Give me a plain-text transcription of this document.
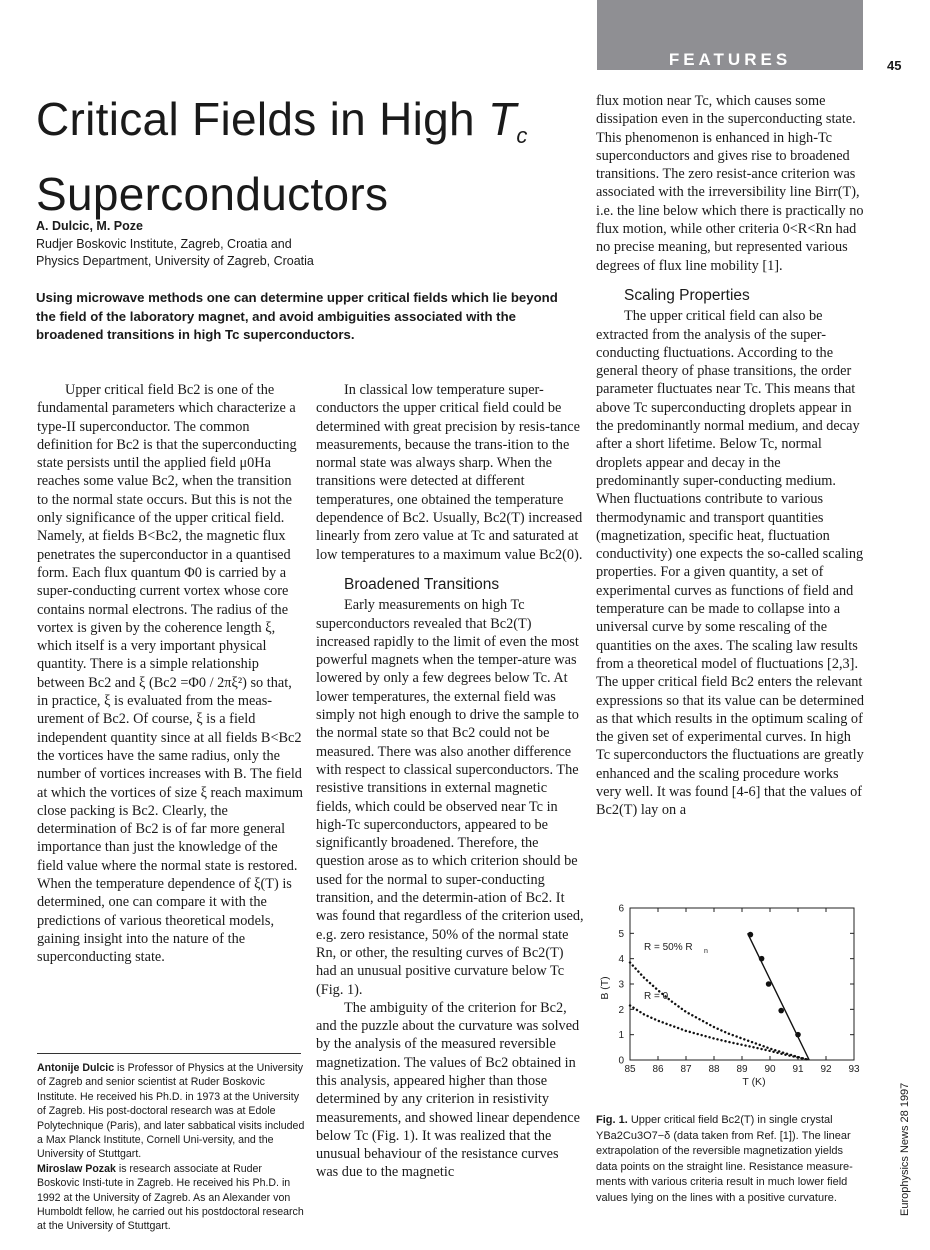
FEATURES	45
Critical Fields in High $T_c$
Superconductors
A. Dulcic, M. Poze
Rudjer Boskovic Institute, Zagreb, Croatia and
Physics Department, University of Zagreb, Croatia
Using microwave methods one can determine upper critical fields which lie beyond the field of the laboratory magnet, and avoid ambiguities associated with the broadened transitions in high Tc superconductors.

Upper critical field Bc2 is one of the fundamental parameters which characterize a type-II superconductor. The common definition for Bc2 is that the superconducting state persists until the applied field μ0Ha reaches some value Bc2, when the transition to the normal state occurs. But this is not the only significance of the upper critical field. Namely, at fields B<Bc2, the magnetic flux penetrates the superconductor in a quantised form. Each flux quantum Φ0 is carried by a super-conducting current vortex whose core contains normal electrons. The radius of the vortex is given by the coherence length ξ, which itself is a very important physical quantity. There is a simple relationship between Bc2 and ξ (Bc2 =Φ0 / 2πξ²) so that, in practice, ξ is evaluated from the meas-urement of Bc2. Of course, ξ is a field independent quantity since at all fields B<Bc2 the vortices have the same radius, only the number of vortices increases with B. The field at which the vortices of size ξ reach maximum close packing is Bc2. Clearly, the determination of Bc2 is of far more general importance than just the knowledge of the field value where the normal state is restored. When the temperature dependence of ξ(T) is determined, one can compare it with the predictions of various theoretical models, gaining insight into the nature of the superconducting state.

In classical low temperature super-conductors the upper critical field could be determined with great precision by resis-tance measurements, because the trans-ition to the normal state was always sharp. When the transitions were detected at different temperatures, one obtained the temperature dependence of Bc2. Usually, Bc2(T) increased linearly from zero value at Tc and saturated at low temperatures to a maximum value Bc2(0).

Broadened Transitions

Early measurements on high Tc superconductors revealed that Bc2(T) increased rapidly to the limit of even the most powerful magnets when the temper-ature was lowered by only a few degrees below Tc. At lower temperatures, the external field was simply not high enough to drive the sample to the normal state so that Bc2 could not be measured. There was also another difference with respect to classical superconductors. The resistive transitions in external magnetic fields, which could be observed near Tc in high-Tc superconductors, appeared to be significantly broadened. Therefore, the question arose as to which criterion should be used for the normal to super-conducting transition, and the determin-ation of Bc2. It was found that regardless of the criterion used, e.g. zero resistance, 50% of the normal state Rn, or other, the resulting curves of Bc2(T) had an unusual positive curvature below Tc (Fig. 1).

The ambiguity of the criterion for Bc2, and the puzzle about the curvature was solved by the analysis of the measured reversible magnetization. The values of Bc2 obtained in this analysis, appeared higher than those determined by any criterion in resistivity measurements, and showed linear dependence below Tc (Fig. 1). It was realized that the unusual behaviour of the resistance curves was due to the magnetic

flux motion near Tc, which causes some dissipation even in the superconducting state. This phenomenon is enhanced in high-Tc superconductors and gives rise to broadened transitions. The zero resist-ance criterion was associated with the irreversibility line Birr(T), i.e. the line below which there is practically no flux motion, while other criteria 0<R<Rn had no precise meaning, but represented various degrees of flux line mobility [1].

Scaling Properties

The upper critical field can also be extracted from the analysis of the super-conducting fluctuations. According to the general theory of phase transitions, the order parameter fluctuates near Tc. This means that above Tc superconducting droplets appear in the predominantly normal medium, and decay after a short lifetime. Below Tc, normal droplets appear and decay in the predominantly super-conducting medium. When fluctuations contribute to various thermodynamic and transport quantities (magnetization, specific heat, fluctuation conductivity) one expects the so-called scaling properties. For a given quantity, a set of experimental curves as functions of field and temperature can be made to collapse into a universal curve by some rescaling of the quantities on the axes. The scaling law results from a theoretical model of fluctuations [2,3]. The upper critical field Bc2 enters the relevant expressions so that its value can be determined as that which results in the optimum scaling of the given set of experimental curves. In high Tc superconductors the fluctuations are greatly enhanced and the scaling procedure works very well. It was found [4-6] that the values of Bc2(T) lay on a

Antonije Dulcic is Professor of Physics at the University of Zagreb and senior scientist at Ruder Boskovic Institute. He received his Ph.D. in 1973 at the University of Zagreb. His post-doctoral research was at Edole Polytechnique (Paris), and later sabbatical visits included a Max Planck Institute, Cornell Uni-versity, and the University of Stuttgart.

Miroslaw Pozak is research associate at Ruder Boskovic Insti-tute in Zagreb. He received his Ph.D. in 1992 at the University of Zagreb. As an Alexander von Humboldt fellow, he carried out his postdoctoral research at the University of Stuttgart.

85 86 87 88 89 90 91 92 93
0
1
2
3
4
5
6
T (K)
B (T)
R = 50% R n
R = 0
Fig. 1. Upper critical field Bc2(T) in single crystal YBa2Cu3O7−δ (data taken from Ref. [1]). The linear extrapolation of the reversible magnetization yields data points on the straight line. Resistance measure-ments with various criteria result in much lower field values lying on the lines with a positive curvature.	Europhysics News 28 1997
